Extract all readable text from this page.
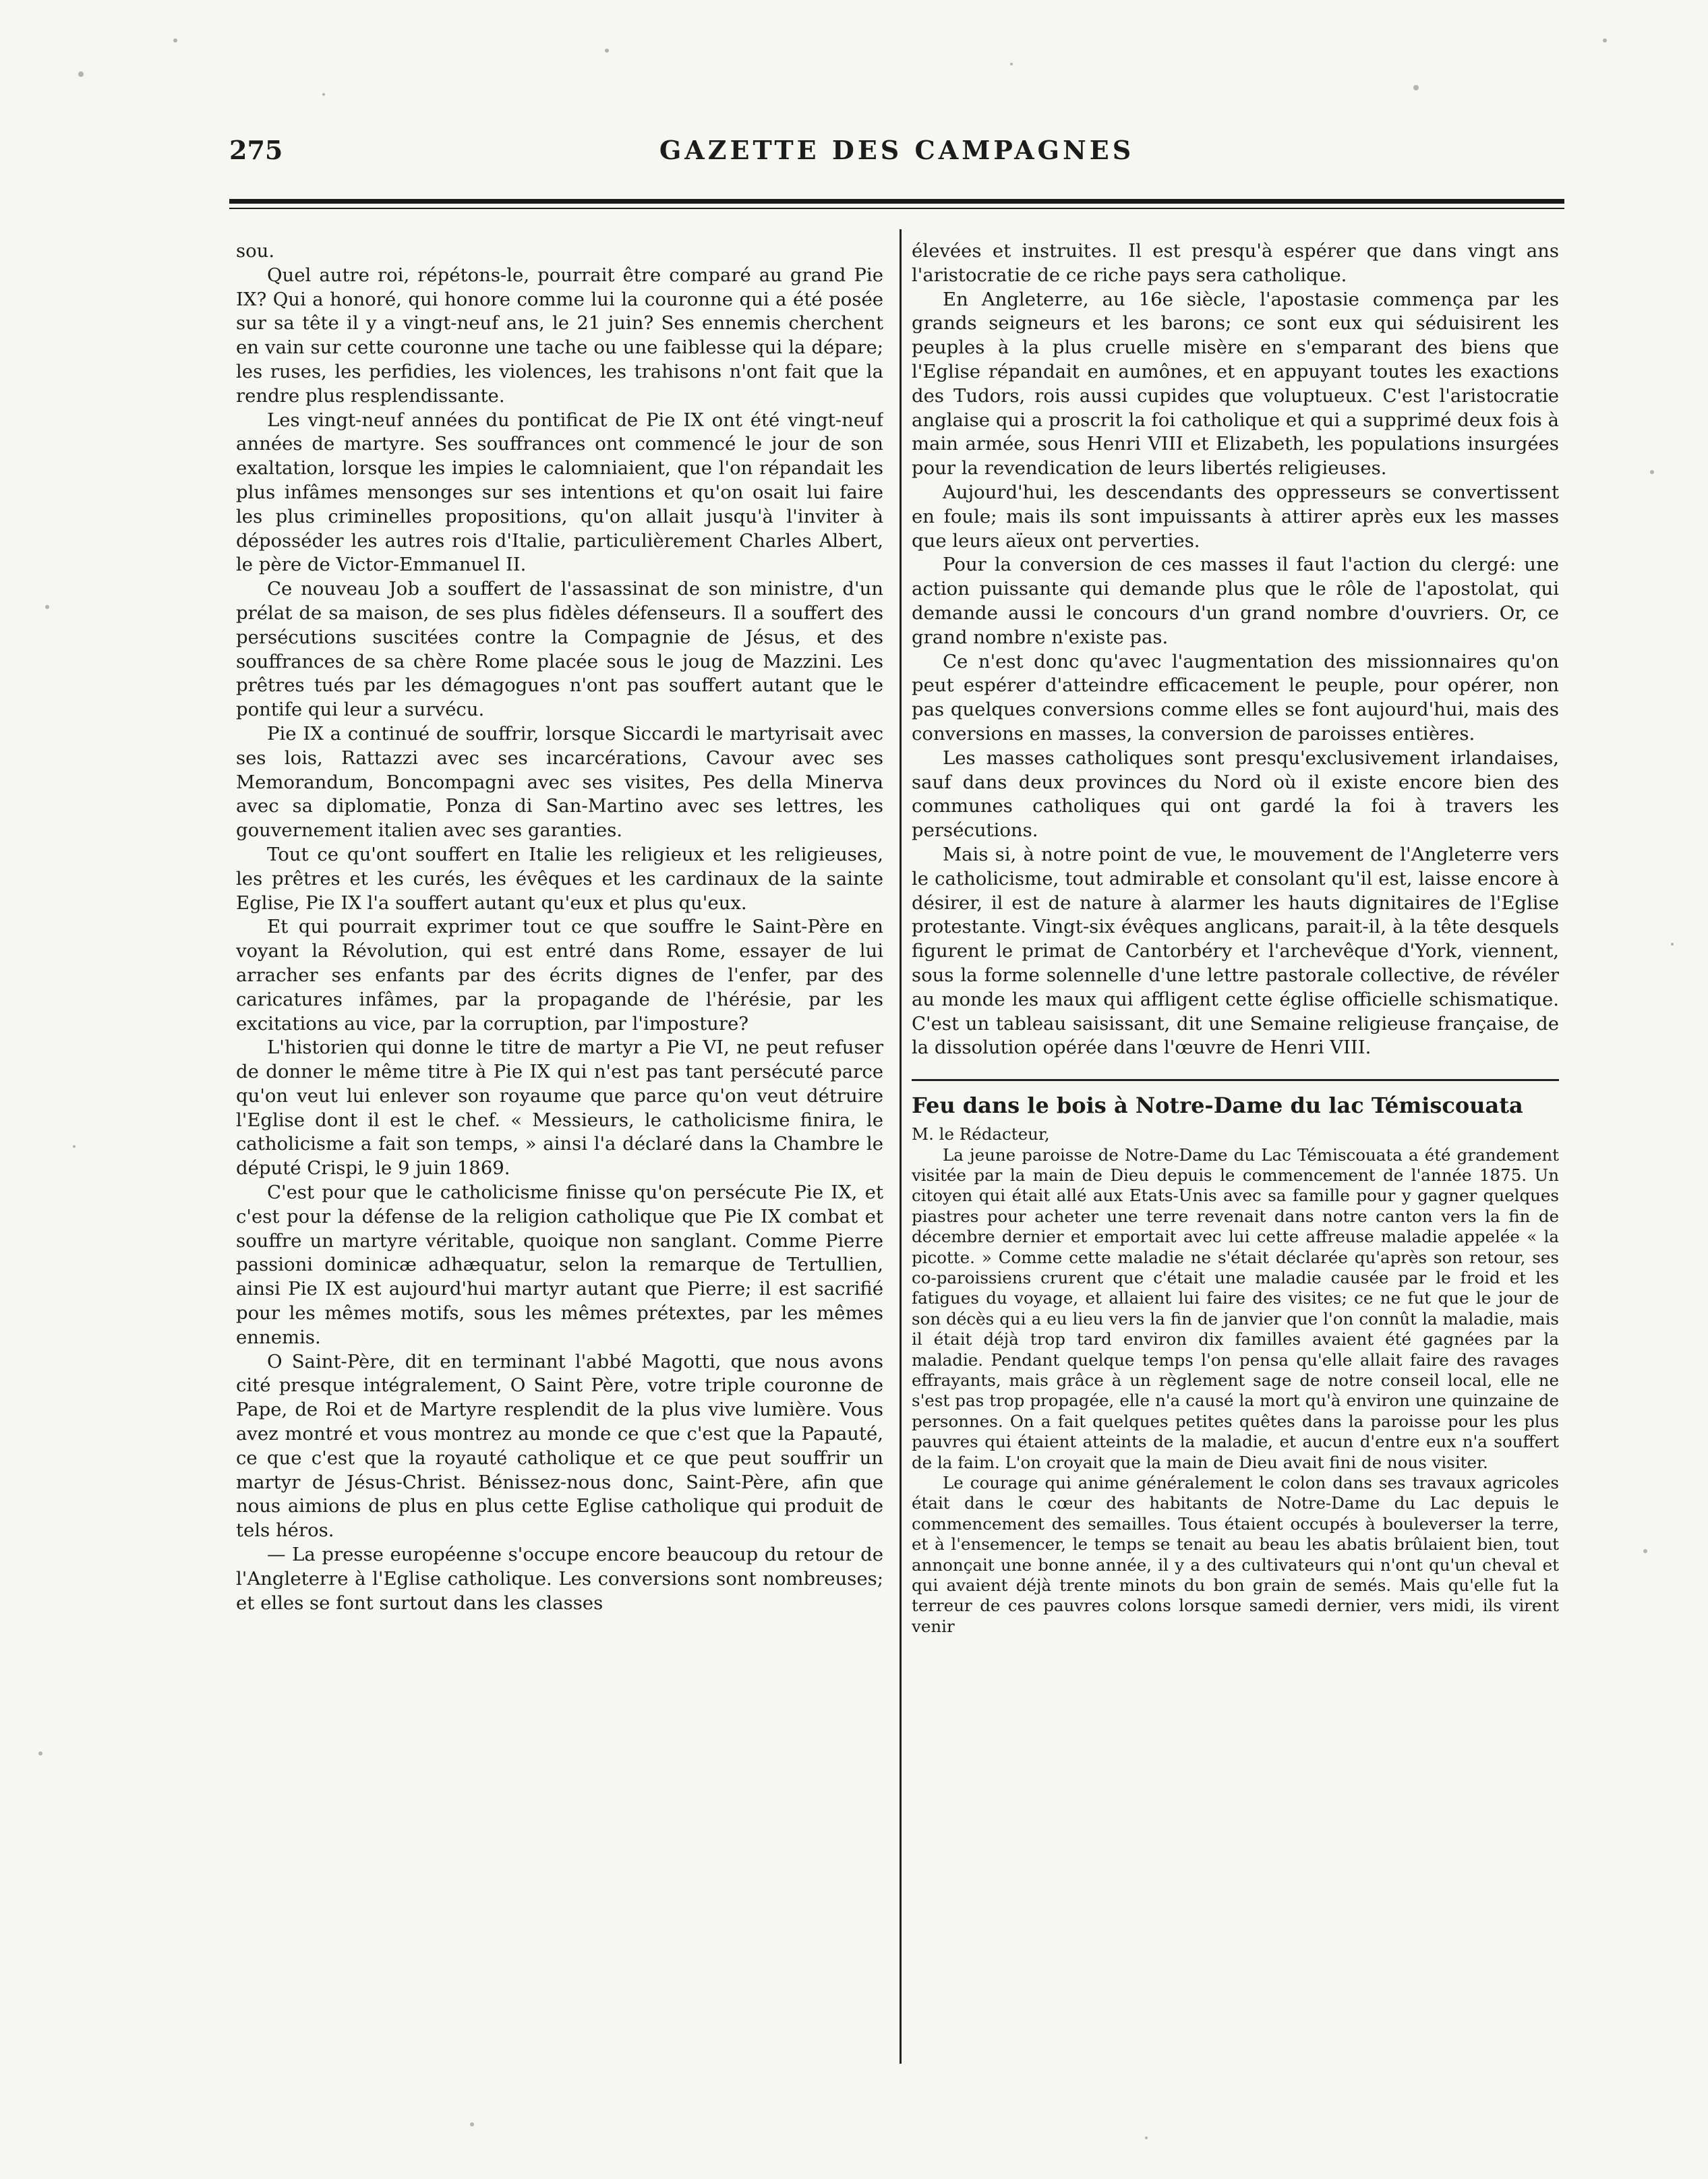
275	GAZETTE DES CAMPAGNES

sou.

Quel autre roi, répétons-le, pourrait être comparé au grand Pie IX? Qui a honoré, qui honore comme lui la couronne qui a été posée sur sa tête il y a vingt-neuf ans, le 21 juin? Ses ennemis cherchent en vain sur cette couronne une tache ou une faiblesse qui la dépare; les ruses, les perfidies, les violences, les trahisons n'ont fait que la rendre plus resplendissante.

Les vingt-neuf années du pontificat de Pie IX ont été vingt-neuf années de martyre. Ses souffrances ont commencé le jour de son exaltation, lorsque les impies le calomniaient, que l'on répandait les plus infâmes mensonges sur ses intentions et qu'on osait lui faire les plus criminelles propositions, qu'on allait jusqu'à l'inviter à déposséder les autres rois d'Italie, particulièrement Charles Albert, le père de Victor-Emmanuel II.

Ce nouveau Job a souffert de l'assassinat de son ministre, d'un prélat de sa maison, de ses plus fidèles défenseurs. Il a souffert des persécutions suscitées contre la Compagnie de Jésus, et des souffrances de sa chère Rome placée sous le joug de Mazzini. Les prêtres tués par les démagogues n'ont pas souffert autant que le pontife qui leur a survécu.

Pie IX a continué de souffrir, lorsque Siccardi le martyrisait avec ses lois, Rattazzi avec ses incarcérations, Cavour avec ses Memorandum, Boncompagni avec ses visites, Pes della Minerva avec sa diplomatie, Ponza di San-Martino avec ses lettres, les gouvernement italien avec ses garanties.

Tout ce qu'ont souffert en Italie les religieux et les religieuses, les prêtres et les curés, les évêques et les cardinaux de la sainte Eglise, Pie IX l'a souffert autant qu'eux et plus qu'eux.

Et qui pourrait exprimer tout ce que souffre le Saint-Père en voyant la Révolution, qui est entré dans Rome, essayer de lui arracher ses enfants par des écrits dignes de l'enfer, par des caricatures infâmes, par la propagande de l'hérésie, par les excitations au vice, par la corruption, par l'imposture?

L'historien qui donne le titre de martyr a Pie VI, ne peut refuser de donner le même titre à Pie IX qui n'est pas tant persécuté parce qu'on veut lui enlever son royaume que parce qu'on veut détruire l'Eglise dont il est le chef. « Messieurs, le catholicisme finira, le catholicisme a fait son temps, » ainsi l'a déclaré dans la Chambre le député Crispi, le 9 juin 1869.

C'est pour que le catholicisme finisse qu'on persécute Pie IX, et c'est pour la défense de la religion catholique que Pie IX combat et souffre un martyre véritable, quoique non sanglant. Comme Pierre passioni dominicæ adhæquatur, selon la remarque de Tertullien, ainsi Pie IX est aujourd'hui martyr autant que Pierre; il est sacrifié pour les mêmes motifs, sous les mêmes prétextes, par les mêmes ennemis.

O Saint-Père, dit en terminant l'abbé Magotti, que nous avons cité presque intégralement, O Saint Père, votre triple couronne de Pape, de Roi et de Martyre resplendit de la plus vive lumière. Vous avez montré et vous montrez au monde ce que c'est que la Papauté, ce que c'est que la royauté catholique et ce que peut souffrir un martyr de Jésus-Christ. Bénissez-nous donc, Saint-Père, afin que nous aimions de plus en plus cette Eglise catholique qui produit de tels héros.

— La presse européenne s'occupe encore beaucoup du retour de l'Angleterre à l'Eglise catholique. Les conversions sont nombreuses; et elles se font surtout dans les classes

élevées et instruites. Il est presqu'à espérer que dans vingt ans l'aristocratie de ce riche pays sera catholique.

En Angleterre, au 16e siècle, l'apostasie commença par les grands seigneurs et les barons; ce sont eux qui séduisirent les peuples à la plus cruelle misère en s'emparant des biens que l'Eglise répandait en aumônes, et en appuyant toutes les exactions des Tudors, rois aussi cupides que voluptueux. C'est l'aristocratie anglaise qui a proscrit la foi catholique et qui a supprimé deux fois à main armée, sous Henri VIII et Elizabeth, les populations insurgées pour la revendication de leurs libertés religieuses.

Aujourd'hui, les descendants des oppresseurs se convertissent en foule; mais ils sont impuissants à attirer après eux les masses que leurs aïeux ont perverties.

Pour la conversion de ces masses il faut l'action du clergé: une action puissante qui demande plus que le rôle de l'apostolat, qui demande aussi le concours d'un grand nombre d'ouvriers. Or, ce grand nombre n'existe pas.

Ce n'est donc qu'avec l'augmentation des missionnaires qu'on peut espérer d'atteindre efficacement le peuple, pour opérer, non pas quelques conversions comme elles se font aujourd'hui, mais des conversions en masses, la conversion de paroisses entières.

Les masses catholiques sont presqu'exclusivement irlandaises, sauf dans deux provinces du Nord où il existe encore bien des communes catholiques qui ont gardé la foi à travers les persécutions.

Mais si, à notre point de vue, le mouvement de l'Angleterre vers le catholicisme, tout admirable et consolant qu'il est, laisse encore à désirer, il est de nature à alarmer les hauts dignitaires de l'Eglise protestante. Vingt-six évêques anglicans, parait-il, à la tête desquels figurent le primat de Cantorbéry et l'archevêque d'York, viennent, sous la forme solennelle d'une lettre pastorale collective, de révéler au monde les maux qui affligent cette église officielle schismatique. C'est un tableau saisissant, dit une Semaine religieuse française, de la dissolution opérée dans l'œuvre de Henri VIII.

Feu dans le bois à Notre-Dame du lac Témiscouata

M. le Rédacteur,

La jeune paroisse de Notre-Dame du Lac Témiscouata a été grandement visitée par la main de Dieu depuis le commencement de l'année 1875. Un citoyen qui était allé aux Etats-Unis avec sa famille pour y gagner quelques piastres pour acheter une terre revenait dans notre canton vers la fin de décembre dernier et emportait avec lui cette affreuse maladie appelée « la picotte. » Comme cette maladie ne s'était déclarée qu'après son retour, ses co-paroissiens crurent que c'était une maladie causée par le froid et les fatigues du voyage, et allaient lui faire des visites; ce ne fut que le jour de son décès qui a eu lieu vers la fin de janvier que l'on connût la maladie, mais il était déjà trop tard environ dix familles avaient été gagnées par la maladie. Pendant quelque temps l'on pensa qu'elle allait faire des ravages effrayants, mais grâce à un règlement sage de notre conseil local, elle ne s'est pas trop propagée, elle n'a causé la mort qu'à environ une quinzaine de personnes. On a fait quelques petites quêtes dans la paroisse pour les plus pauvres qui étaient atteints de la maladie, et aucun d'entre eux n'a souffert de la faim. L'on croyait que la main de Dieu avait fini de nous visiter.

Le courage qui anime généralement le colon dans ses travaux agricoles était dans le cœur des habitants de Notre-Dame du Lac depuis le commencement des semailles. Tous étaient occupés à bouleverser la terre, et à l'ensemencer, le temps se tenait au beau les abatis brûlaient bien, tout annonçait une bonne année, il y a des cultivateurs qui n'ont qu'un cheval et qui avaient déjà trente minots du bon grain de semés. Mais qu'elle fut la terreur de ces pauvres colons lorsque samedi dernier, vers midi, ils virent venir
